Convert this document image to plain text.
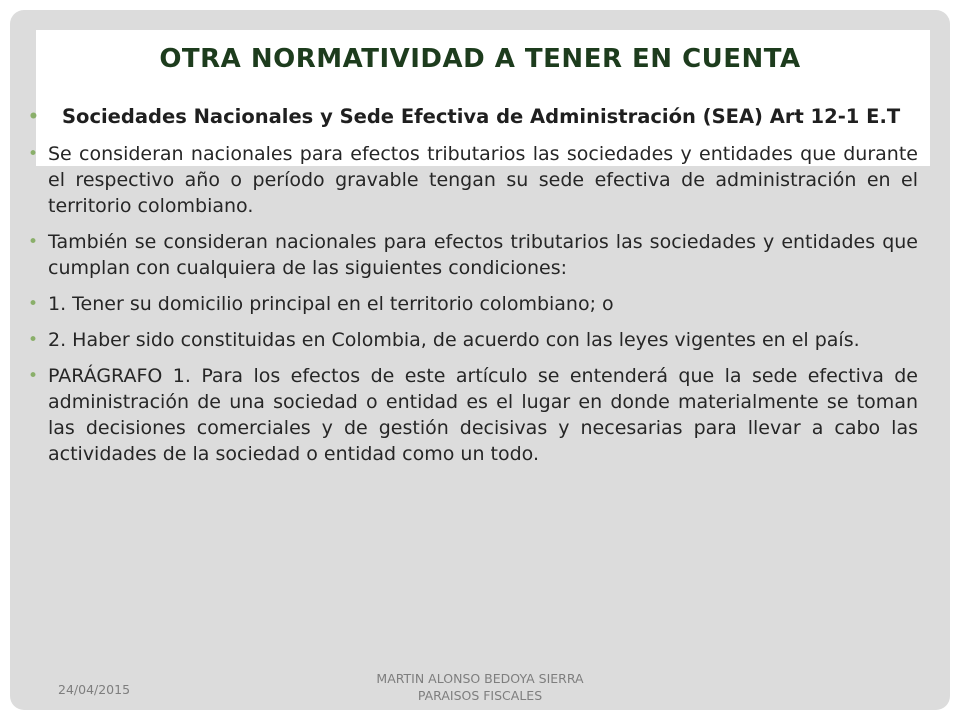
OTRA NORMATIVIDAD A TENER EN CUENTA
• Sociedades Nacionales y Sede Efectiva de Administración (SEA) Art 12-1 E.T
• Se consideran nacionales para efectos tributarios las sociedades y entidades que durante el respectivo año o período gravable tengan su sede efectiva de administración en el territorio colombiano.
• También se consideran nacionales para efectos tributarios las sociedades y entidades que cumplan con cualquiera de las siguientes condiciones:
• 1. Tener su domicilio principal en el territorio colombiano; o
• 2. Haber sido constituidas en Colombia, de acuerdo con las leyes vigentes en el país.
• PARÁGRAFO 1. Para los efectos de este artículo se entenderá que la sede efectiva de administración de una sociedad o entidad es el lugar en donde materialmente se toman las decisiones comerciales y de gestión decisivas y necesarias para llevar a cabo las actividades de la sociedad o entidad como un todo.
24/04/2015
MARTIN ALONSO BEDOYA SIERRA
PARAISOS FISCALES
